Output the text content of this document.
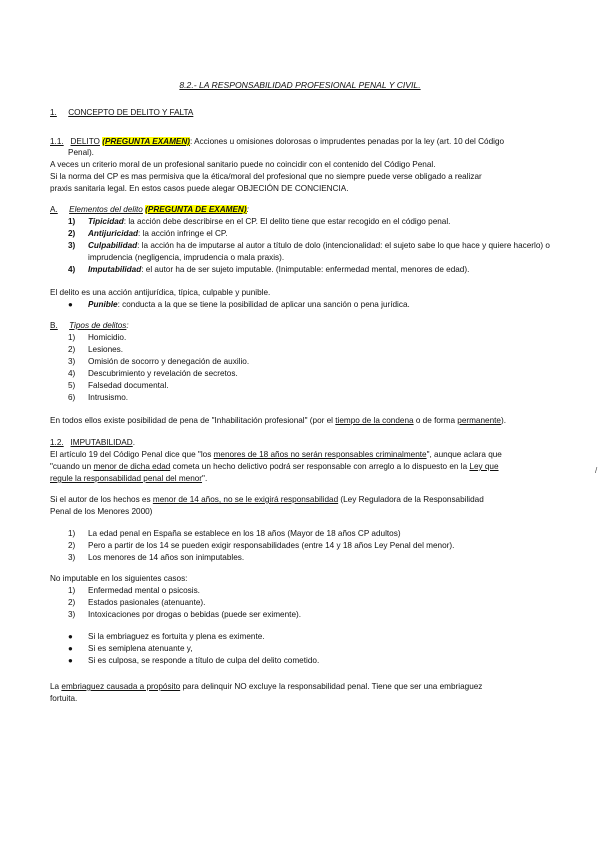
8.2.- LA RESPONSABILIDAD PROFESIONAL PENAL Y CIVIL.
1. CONCEPTO DE DELITO Y FALTA
1.1. DELITO (PREGUNTA EXAMEN): Acciones u omisiones dolorosas o imprudentes penadas por la ley (art. 10 del Código
Penal).
A veces un criterio moral de un profesional sanitario puede no coincidir con el contenido del Código Penal.
Si la norma del CP es mas permisiva que la ética/moral del profesional que no siempre puede verse obligado a realizar
praxis sanitaria legal. En estos casos puede alegar OBJECIÓN DE CONCIENCIA.
A. Elementos del delito (PREGUNTA DE EXAMEN):
1) Tipicidad: la acción debe describirse en el CP. El delito tiene que estar recogido en el código penal.
2) Antijuricidad: la acción infringe el CP.
3) Culpabilidad: la acción ha de imputarse al autor a título de dolo (intencionalidad: el sujeto sabe lo que hace y quiere hacerlo) o
imprudencia (negligencia, imprudencia o mala praxis).
4) Imputabilidad: el autor ha de ser sujeto imputable. (Inimputable: enfermedad mental, menores de edad).
El delito es una acción antijurídica, típica, culpable y punible.
● Punible: conducta a la que se tiene la posibilidad de aplicar una sanción o pena jurídica.
B. Tipos de delitos:
1) Homicidio.
2) Lesiones.
3) Omisión de socorro y denegación de auxilio.
4) Descubrimiento y revelación de secretos.
5) Falsedad documental.
6) Intrusismo.
En todos ellos existe posibilidad de pena de "Inhabilitación profesional" (por el tiempo de la condena o de forma permanente).
1.2. IMPUTABILIDAD.
El artículo 19 del Código Penal dice que "los menores de 18 años no serán responsables criminalmente", aunque aclara que
"cuando un menor de dicha edad cometa un hecho delictivo podrá ser responsable con arreglo a lo dispuesto en la Ley que	/
regule la responsabilidad penal del menor".
Si el autor de los hechos es menor de 14 años, no se le exigirá responsabilidad (Ley Reguladora de la Responsabilidad
Penal de los Menores 2000)
1) La edad penal en España se establece en los 18 años (Mayor de 18 años CP adultos)
2) Pero a partir de los 14 se pueden exigir responsabilidades (entre 14 y 18 años Ley Penal del menor).
3) Los menores de 14 años son inimputables.
No imputable en los siguientes casos:
1) Enfermedad mental o psicosis.
2) Estados pasionales (atenuante).
3) Intoxicaciones por drogas o bebidas (puede ser eximente).
● Si la embriaguez es fortuita y plena es eximente.
● Si es semiplena atenuante y,
● Si es culposa, se responde a título de culpa del delito cometido.
La embriaguez causada a propósito para delinquir NO excluye la responsabilidad penal. Tiene que ser una embriaguez
fortuita.
